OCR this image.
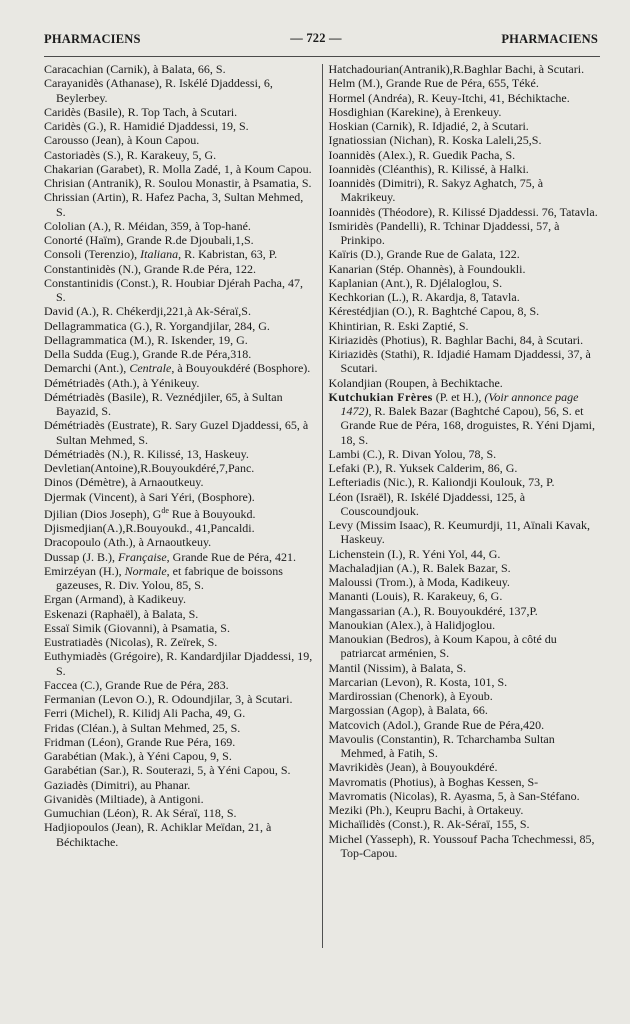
PHARMACIENS	— 722 —	PHARMACIENS

Caracachian (Carnik), à Balata, 66, S.

Carayanidès (Athanase), R. Iskélé Djaddessi, 6, Beylerbey.

Caridès (Basile), R. Top Tach, à Scutari.

Caridès (G.), R. Hamidié Djaddessi, 19, S.

Carousso (Jean), à Koun Capou.

Castoriadès (S.), R. Karakeuy, 5, G.

Chakarian (Garabet), R. Molla Zadé, 1, à Koum Capou.

Chrisian (Antranik), R. Soulou Monastir, à Psamatia, S.

Chrissian (Artin), R. Hafez Pacha, 3, Sultan Mehmed, S.

Cololian (A.), R. Méidan, 359, à Top-hané.

Conorté (Haïm), Grande R.de Djoubali,1,S.

Consoli (Terenzio), Italiana, R. Kabristan, 63, P.

Constantinidès (N.), Grande R.de Péra, 122.

Constantinidis (Const.), R. Houbiar Djérah Pacha, 47, S.

David (A.), R. Chékerdji,221,à Ak-Séraï,S.

Dellagrammatica (G.), R. Yorgandjilar, 284, G.

Dellagrammatica (M.), R. Iskender, 19, G.

Della Sudda (Eug.), Grande R.de Péra,318.

Demarchi (Ant.), Centrale, à Bouyoukdéré (Bosphore).

Démétriadès (Ath.), à Yénikeuy.

Démétriadès (Basile), R. Veznédjiler, 65, à Sultan Bayazid, S.

Démétriadès (Eustrate), R. Sary Guzel Djaddessi, 65, à Sultan Mehmed, S.

Démétriadès (N.), R. Kilissé, 13, Haskeuy.

Devletian(Antoine),R.Bouyoukdéré,7,Panc.

Dinos (Démètre), à Arnaoutkeuy.

Djermak (Vincent), à Sari Yéri, (Bosphore).

Djilian (Dios Joseph), $G^{de}$ Rue à Bouyoukd.

Djismedjian(A.),R.Bouyoukd., 41,Pancaldi.

Dracopoulo (Ath.), à Arnaoutkeuy.

Dussap (J. B.), Française, Grande Rue de Péra, 421.

Emirzéyan (H.), Normale, et fabrique de boissons gazeuses, R. Div. Yolou, 85, S.

Ergan (Armand), à Kadikeuy.

Eskenazi (Raphaël), à Balata, S.

Essaï Simik (Giovanni), à Psamatia, S.

Eustratiadès (Nicolas), R. Zeïrek, S.

Euthymiadès (Grégoire), R. Kandardjilar Djaddessi, 19, S.

Faccea (C.), Grande Rue de Péra, 283.

Fermanian (Levon O.), R. Odoundjilar, 3, à Scutari.

Ferri (Michel), R. Kilidj Ali Pacha, 49, G.

Fridas (Cléan.), à Sultan Mehmed, 25, S.

Fridman (Léon), Grande Rue Péra, 169.

Garabétian (Mak.), à Yéni Capou, 9, S.

Garabétian (Sar.), R. Souterazi, 5, à Yéni Capou, S.

Gaziadès (Dimitri), au Phanar.

Givanidès (Miltiade), à Antigoni.

Gumuchian (Léon), R. Ak Séraï, 118, S.

Hadjiopoulos (Jean), R. Achiklar Meïdan, 21, à Béchiktache.

Hatchadourian(Antranik),R.Baghlar Bachi, à Scutari.

Helm (M.), Grande Rue de Péra, 655, Téké.

Hormel (Andréa), R. Keuy-Itchi, 41, Béchiktache.

Hosdighian (Karekine), à Erenkeuy.

Hoskian (Carnik), R. Idjadié, 2, à Scutari.

Ignatiossian (Nichan), R. Koska Laleli,25,S.

Ioannidès (Alex.), R. Guedik Pacha, S.

Ioannidès (Cléanthis), R. Kilissé, à Halki.

Ioannidès (Dimitri), R. Sakyz Aghatch, 75, à Makrikeuy.

Ioannidès (Théodore), R. Kilissé Djaddessi. 76, Tatavla.

Ismiridès (Pandelli), R. Tchinar Djaddessi, 57, à Prinkipo.

Kaïris (D.), Grande Rue de Galata, 122.

Kanarian (Stép. Ohannès), à Foundoukli.

Kaplanian (Ant.), R. Djélaloglou, S.

Kechkorian (L.), R. Akardja, 8, Tatavla.

Kérestédjian (O.), R. Baghtché Capou, 8, S.

Khintirian, R. Eski Zaptié, S.

Kiriazidès (Photius), R. Baghlar Bachi, 84, à Scutari.

Kiriazidès (Stathi), R. Idjadié Hamam Djaddessi, 37, à Scutari.

Kolandjian (Roupen, à Bechiktache.

Kutchukian Frères (P. et H.), (Voir annonce page 1472), R. Balek Bazar (Baghtché Capou), 56, S. et Grande Rue de Péra, 168, droguistes, R. Yéni Djami, 18, S.

Lambi (C.), R. Divan Yolou, 78, S.

Lefaki (P.), R. Yuksek Calderim, 86, G.

Lefteriadis (Nic.), R. Kaliondji Koulouk, 73, P.

Léon (Israël), R. Iskélé Djaddessi, 125, à Couscoundjouk.

Levy (Missim Isaac), R. Keumurdji, 11, Aïnali Kavak, Haskeuy.

Lichenstein (I.), R. Yéni Yol, 44, G.

Machaladjian (A.), R. Balek Bazar, S.

Maloussi (Trom.), à Moda, Kadikeuy.

Mananti (Louis), R. Karakeuy, 6, G.

Mangassarian (A.), R. Bouyoukdéré, 137,P.

Manoukian (Alex.), à Halidjoglou.

Manoukian (Bedros), à Koum Kapou, à côté du patriarcat arménien, S.

Mantil (Nissim), à Balata, S.

Marcarian (Levon), R. Kosta, 101, S.

Mardirossian (Chenork), à Eyoub.

Margossian (Agop), à Balata, 66.

Matcovich (Adol.), Grande Rue de Péra,420.

Mavoulis (Constantin), R. Tcharchamba Sultan Mehmed, à Fatih, S.

Mavrikidès (Jean), à Bouyoukdéré.

Mavromatis (Photius), à Boghas Kessen, S-

Mavromatis (Nicolas), R. Ayasma, 5, à San-Stéfano.

Meziki (Ph.), Keupru Bachi, à Ortakeuy.

Michaïlidès (Const.), R. Ak-Séraï, 155, S.

Michel (Yasseph), R. Youssouf Pacha Tchechmessi, 85, Top-Capou.
